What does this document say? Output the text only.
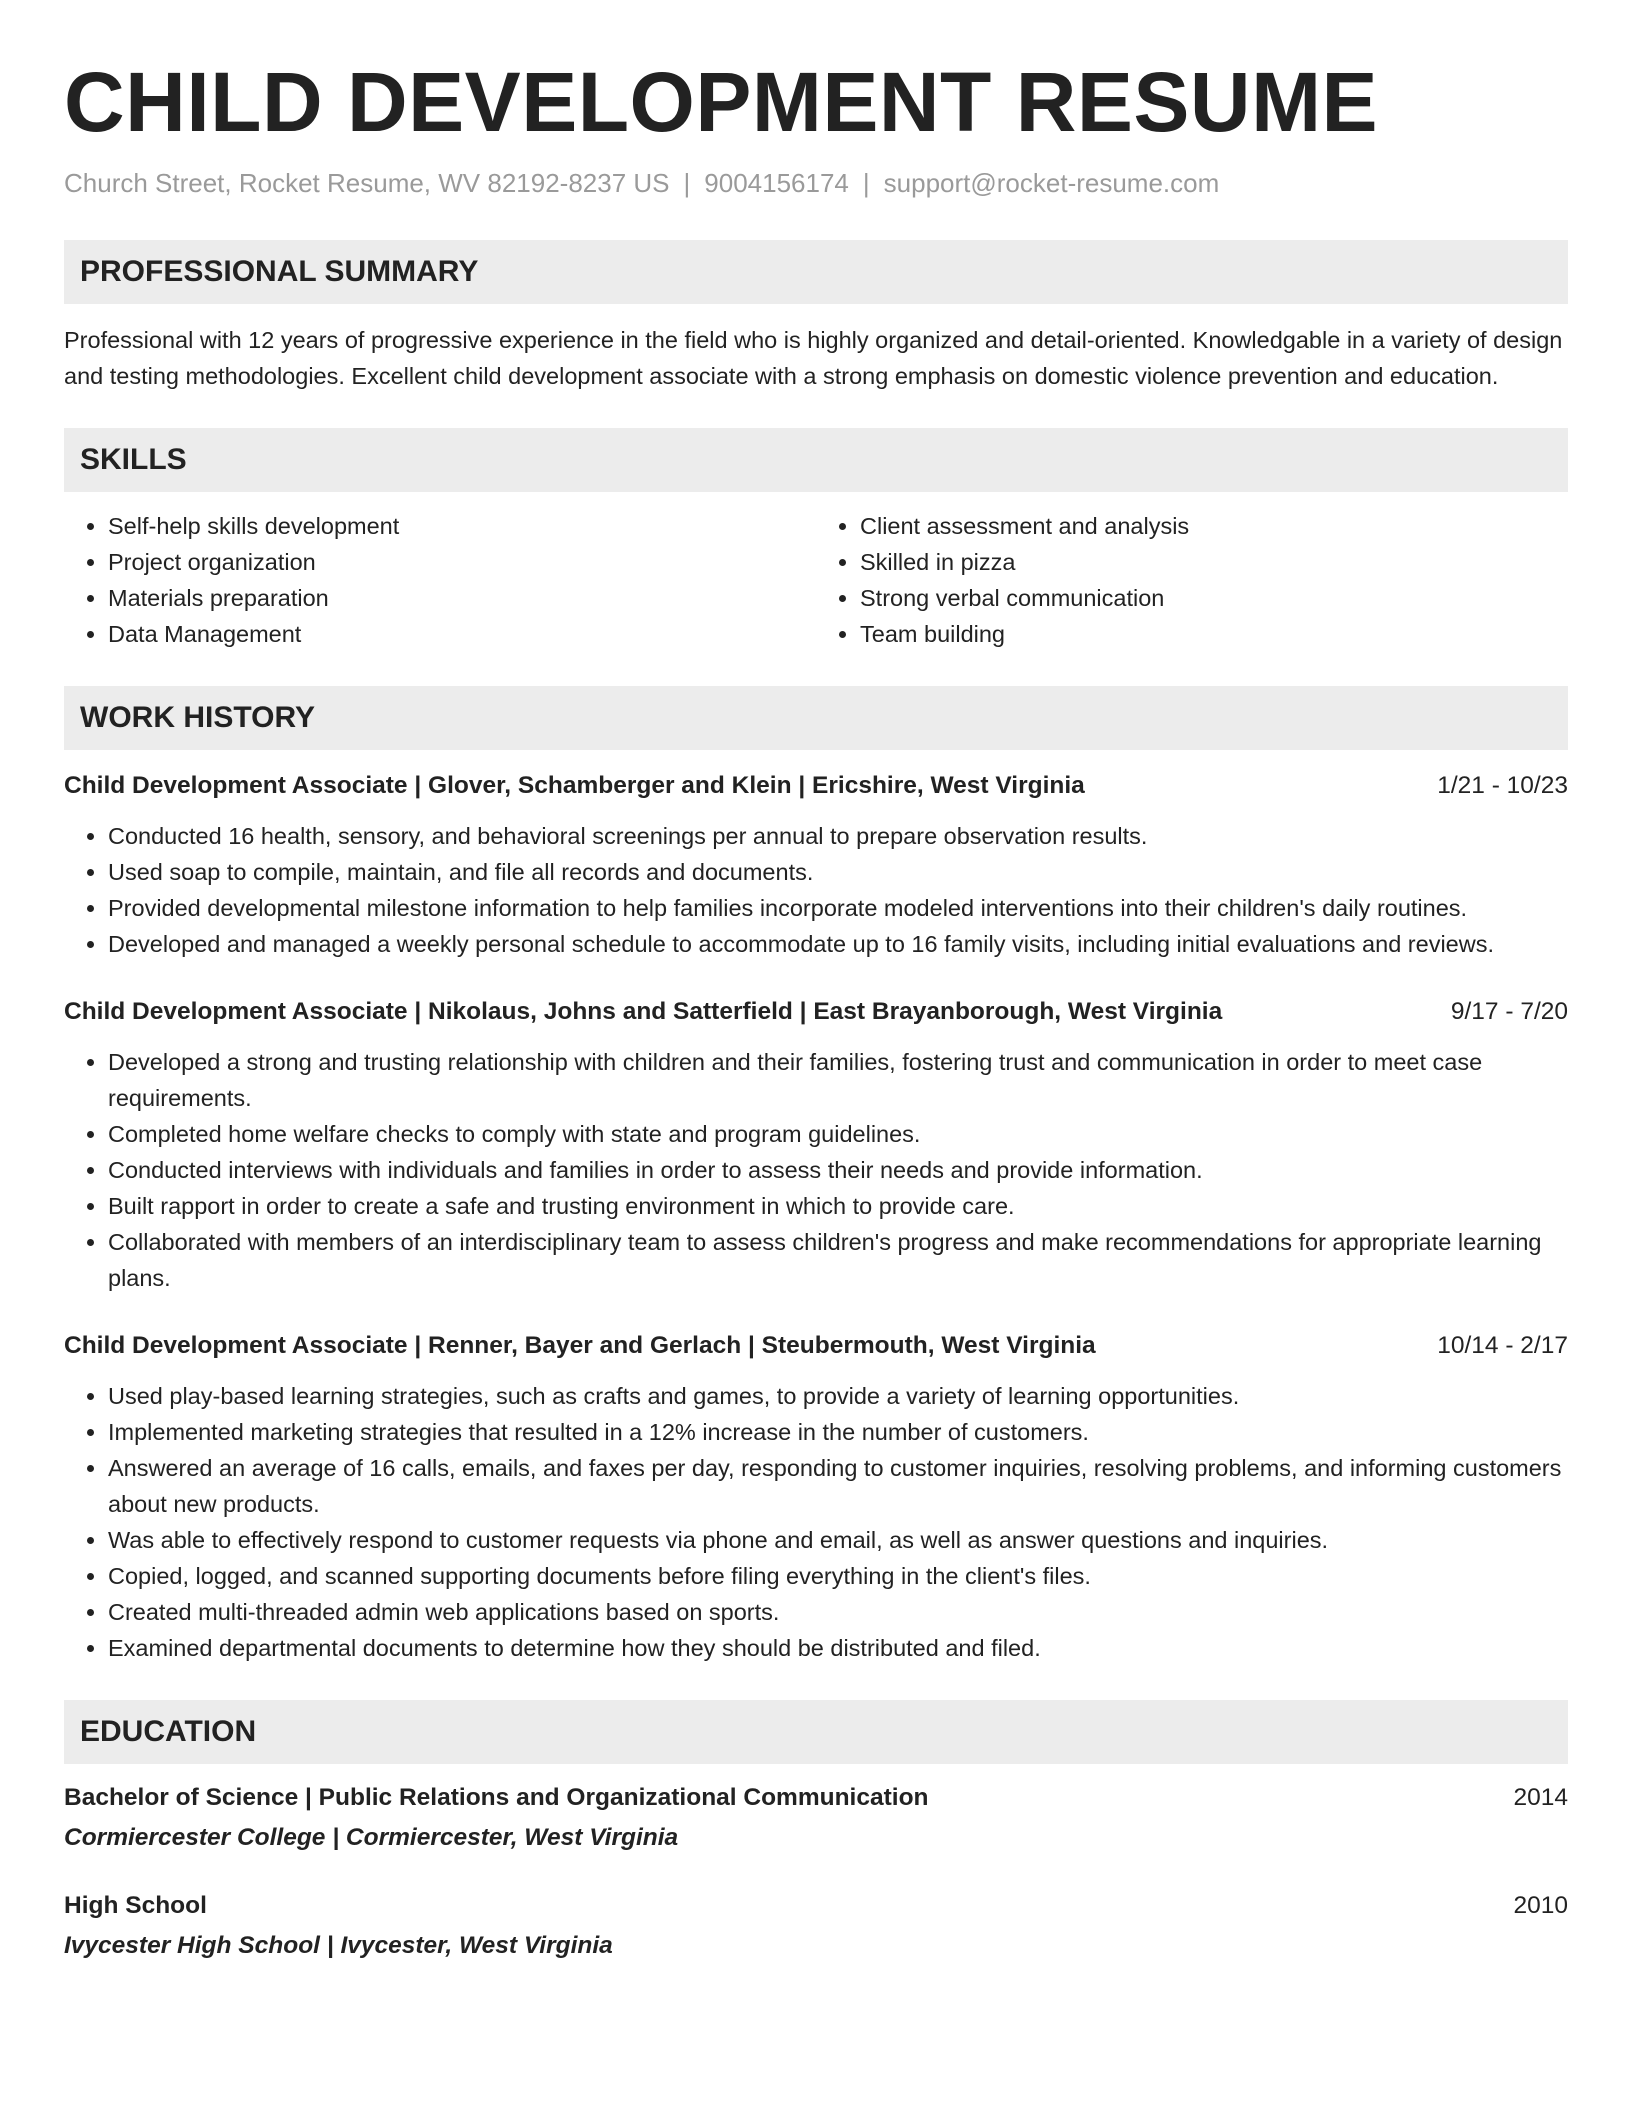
CHILD DEVELOPMENT RESUME
Church Street, Rocket Resume, WV 82192-8237 US | 9004156174 | support@rocket-resume.com
PROFESSIONAL SUMMARY
Professional with 12 years of progressive experience in the field who is highly organized and detail-oriented. Knowledgable in a variety of design and testing methodologies. Excellent child development associate with a strong emphasis on domestic violence prevention and education.
SKILLS
• Self-help skills development
• Project organization
• Materials preparation
• Data Management
• Client assessment and analysis
• Skilled in pizza
• Strong verbal communication
• Team building
WORK HISTORY
Child Development Associate | Glover, Schamberger and Klein | Ericshire, West Virginia	1/21 - 10/23
• Conducted 16 health, sensory, and behavioral screenings per annual to prepare observation results.
• Used soap to compile, maintain, and file all records and documents.
• Provided developmental milestone information to help families incorporate modeled interventions into their children's daily routines.
• Developed and managed a weekly personal schedule to accommodate up to 16 family visits, including initial evaluations and reviews.
Child Development Associate | Nikolaus, Johns and Satterfield | East Brayanborough, West Virginia	9/17 - 7/20
• Developed a strong and trusting relationship with children and their families, fostering trust and communication in order to meet case requirements.
• Completed home welfare checks to comply with state and program guidelines.
• Conducted interviews with individuals and families in order to assess their needs and provide information.
• Built rapport in order to create a safe and trusting environment in which to provide care.
• Collaborated with members of an interdisciplinary team to assess children's progress and make recommendations for appropriate learning plans.
Child Development Associate | Renner, Bayer and Gerlach | Steubermouth, West Virginia	10/14 - 2/17
• Used play-based learning strategies, such as crafts and games, to provide a variety of learning opportunities.
• Implemented marketing strategies that resulted in a 12% increase in the number of customers.
• Answered an average of 16 calls, emails, and faxes per day, responding to customer inquiries, resolving problems, and informing customers about new products.
• Was able to effectively respond to customer requests via phone and email, as well as answer questions and inquiries.
• Copied, logged, and scanned supporting documents before filing everything in the client's files.
• Created multi-threaded admin web applications based on sports.
• Examined departmental documents to determine how they should be distributed and filed.
EDUCATION
Bachelor of Science | Public Relations and Organizational Communication	2014
Cormiercester College | Cormiercester, West Virginia
High School	2010
Ivycester High School | Ivycester, West Virginia
